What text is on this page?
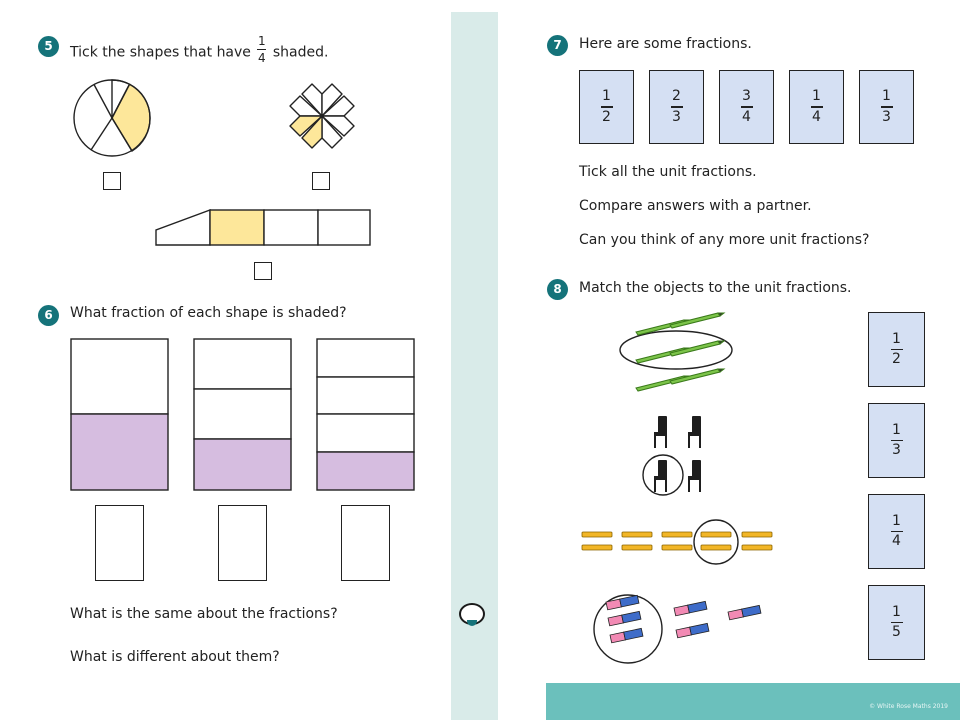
© White Rose Maths 2019
5	Tick the shapes that have $\frac{1}{4}$ shaded.
6	What fraction of each shape is shaded?
What is the same about the fractions?
What is different about them?
7	Here are some fractions.
$\frac{1}{2} \frac{2}{3} \frac{3}{4} \frac{1}{4} \frac{1}{3}$
Tick all the unit fractions.
Compare answers with a partner.
Can you think of any more unit fractions?
8	Match the objects to the unit fractions.
1
2
1
3
1
4
1
5
